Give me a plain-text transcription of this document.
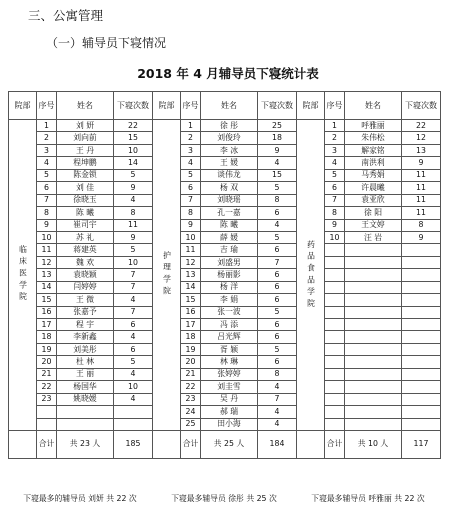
三、公寓管理
（一）辅导员下寝情况
2018 年 4 月辅导员下寝统计表
院部	序号	姓名	下寝次数	院部	序号	姓名	下寝次数	院部	序号	姓名	下寝次数
临床医学院	1	刘 妍	22	护理学院	1	徐 彤	25	药品食品学院	1	呼雅丽	22
	2	刘向前	15		2	刘俊玲	18		2	朱伟松	12
	3	王 丹	10		3	李 冰	9		3	解家铭	13
	4	程坤鹏	14		4	王 媛	4		4	南洪利	9
	5	陈金锁	5		5	谈伟龙	15		5	马秀娟	11
	6	刘 佳	9		6	杨 双	5		6	许晨曦	11
	7	徐晓玉	4		7	刘晓瑶	8		7	袁亚欣	11
	8	陈 曦	8		8	孔一嘉	6		8	徐 阳	11
	9	崔司宇	11		9	陈 曦	4		9	王文婷	8
	10	苏 礼	9		10	薛 媛	5		10	汪 岩	9
	11	蒋建英	5		11	吉 瑜	6				
	12	魏 欢	10		12	刘盛男	7				
	13	袁晓颖	7		13	杨丽影	6				
	14	闫婷婷	7		14	杨 洋	6				
	15	王 微	4		15	李 娟	6				
	16	张嘉予	7		16	张一波	5				
	17	程 宇	6		17	冯 添	6				
	18	李新鑫	4		18	吕光辉	6				
	19	刘美彤	6		19	胥 颖	5				
	20	杜 林	5		20	林 琳	6				
	21	王 丽	4		21	张婷婷	8				
	22	杨国华	10		22	刘圭雪	4				
	23	姚晓媛	4		23	吴 丹	7				
					24	郝 瑞	4				
					25	田小海	4				
	合计	共 23 人	185		合计	共 25 人	184		合计	共 10 人	117
下寝最多的辅导员 刘妍 共 22 次	下寝最多辅导员 徐彤 共 25 次	下寝最多辅导员 呼雅丽 共 22 次
